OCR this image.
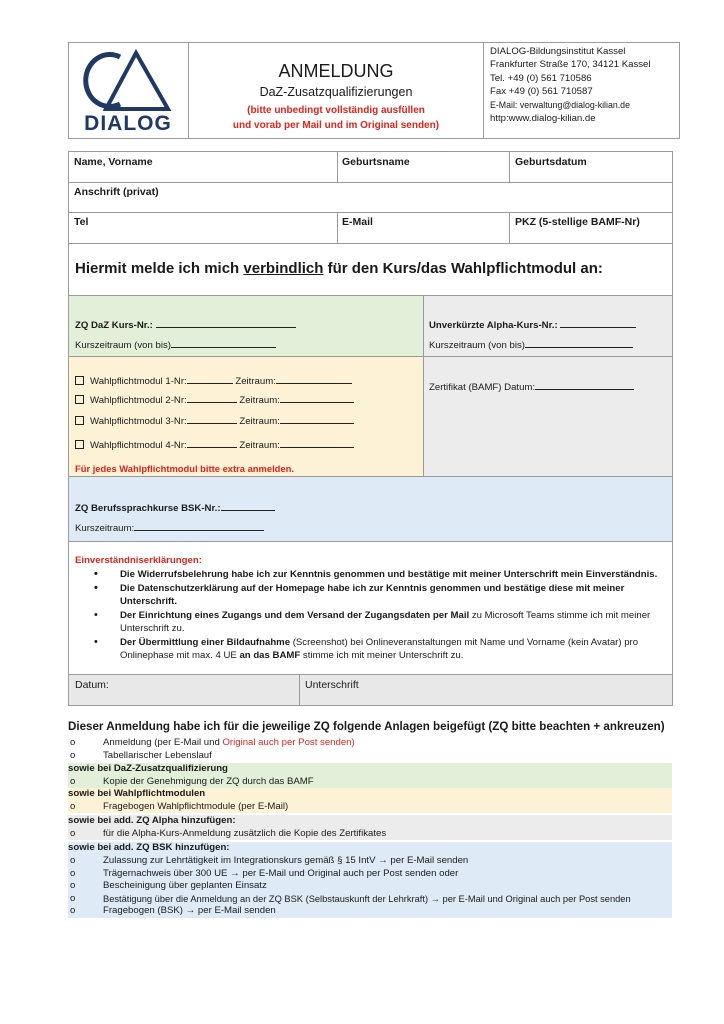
DIALOG
ANMELDUNG
DaZ-Zusatzqualifizierungen
(bitte unbedingt vollständig ausfüllen
und vorab per Mail und im Original senden)
DIALOG-Bildungsinstitut Kassel
Frankfurter Straße 170, 34121 Kassel
Tel. +49 (0) 561 710586
Fax +49 (0) 561 710587
E-Mail: verwaltung@dialog-kilian.de
http:www.dialog-kilian.de
Name, Vorname	Geburtsname	Geburtsdatum
Anschrift (privat)
Tel	E-Mail	PKZ (5-stellige BAMF-Nr)
Hiermit melde ich mich verbindlich für den Kurs/das Wahlpflichtmodul an:
ZQ DaZ Kurs-Nr.:
Kurszeitraum (von bis)
Unverkürzte Alpha-Kurs-Nr.:
Kurszeitraum (von bis)
Zertifikat (BAMF) Datum:
Wahlpflichtmodul 1-Nr:	Zeitraum:
Wahlpflichtmodul 2-Nr:	Zeitraum:
Wahlpflichtmodul 3-Nr:	Zeitraum:
Wahlpflichtmodul 4-Nr:	Zeitraum:
Für jedes Wahlpflichtmodul bitte extra anmelden.
ZQ Berufssprachkurse BSK-Nr.:
Kurszeitraum:
Einverständniserklärungen:
• Die Widerrufsbelehrung habe ich zur Kenntnis genommen und bestätige mit meiner Unterschrift mein Einverständnis.
• Die Datenschutzerklärung auf der Homepage habe ich zur Kenntnis genommen und bestätige diese mit meiner Unterschrift.
• Der Einrichtung eines Zugangs und dem Versand der Zugangsdaten per Mail zu Microsoft Teams stimme ich mit meiner Unterschrift zu.
• Der Übermittlung einer Bildaufnahme (Screenshot) bei Onlineveranstaltungen mit Name und Vorname (kein Avatar) pro Onlinephase mit max. 4 UE an das BAMF stimme ich mit meiner Unterschrift zu.
Datum:	Unterschrift
Dieser Anmeldung habe ich für die jeweilige ZQ folgende Anlagen beigefügt (ZQ bitte beachten + ankreuzen)
o	Anmeldung (per E-Mail und Original auch per Post senden)
o	Tabellarischer Lebenslauf
sowie bei DaZ-Zusatzqualifizierung
o	Kopie der Genehmigung der ZQ durch das BAMF
sowie bei Wahlpflichtmodulen
o	Fragebogen Wahlpflichtmodule (per E-Mail)
sowie bei add. ZQ Alpha hinzufügen:
o	für die Alpha-Kurs-Anmeldung zusätzlich die Kopie des Zertifikates
sowie bei add. ZQ BSK hinzufügen:
o	Zulassung zur Lehrtätigkeit im Integrationskurs gemäß § 15 IntV → per E-Mail senden
o	Trägernachweis über 300 UE → per E-Mail und Original auch per Post senden oder
o	Bescheinigung über geplanten Einsatz
o	Bestätigung über die Anmeldung an der ZQ BSK (Selbstauskunft der Lehrkraft) → per E-Mail und Original auch per Post senden
o	Fragebogen (BSK) → per E-Mail senden
